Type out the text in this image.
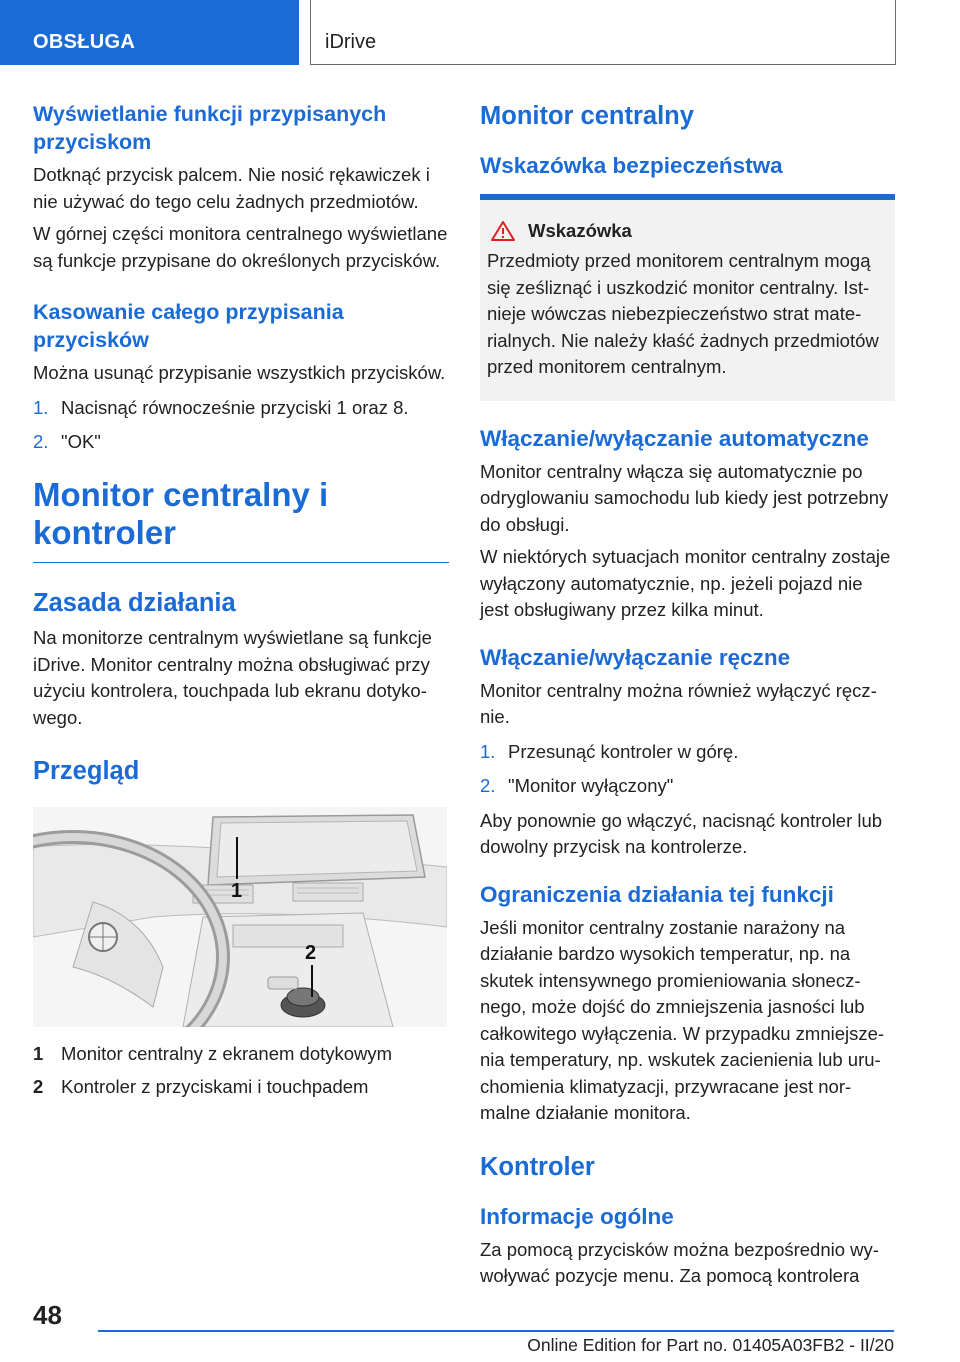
OBSŁUGA	iDrive
Wyświetlanie funkcji przypisanych przyciskom

Dotknąć przycisk palcem. Nie nosić rękawiczek i nie używać do tego celu żadnych przedmiotów.

W górnej części monitora centralnego wyświetlane są funkcje przypisane do określonych przycisków.

Kasowanie całego przypisania przycisków

Można usunąć przypisanie wszystkich przycisków.

1. Nacisnąć równocześnie przyciski 1 oraz 8.
2. "OK"
Monitor centralny i kontroler
Zasada działania

Na monitorze centralnym wyświetlane są funkcje iDrive. Monitor centralny można obsługiwać przy użyciu kontrolera, touchpada lub ekranu dotykowego.

Przegląd
1
2
1 Monitor centralny z ekranem dotykowym
2 Kontroler z przyciskami i touchpadem
Monitor centralny
Wskazówka bezpieczeństwa
Wskazówka

Przedmioty przed monitorem centralnym mogą się ześliznąć i uszkodzić monitor centralny. Istnieje wówczas niebezpieczeństwo strat materialnych. Nie należy kłaść żadnych przedmiotów przed monitorem centralnym.

Włączanie/wyłączanie automatyczne

Monitor centralny włącza się automatycznie po odryglowaniu samochodu lub kiedy jest potrzebny do obsługi.

W niektórych sytuacjach monitor centralny zostaje wyłączony automatycznie, np. jeżeli pojazd nie jest obsługiwany przez kilka minut.

Włączanie/wyłączanie ręczne

Monitor centralny można również wyłączyć ręcznie.

1. Przesunąć kontroler w górę.
2. "Monitor wyłączony"

Aby ponownie go włączyć, nacisnąć kontroler lub dowolny przycisk na kontrolerze.

Ograniczenia działania tej funkcji

Jeśli monitor centralny zostanie narażony na działanie bardzo wysokich temperatur, np. na skutek intensywnego promieniowania słonecznego, może dojść do zmniejszenia jasności lub całkowitego wyłączenia. W przypadku zmniejszenia temperatury, np. wskutek zacienienia lub uruchomienia klimatyzacji, przywracane jest normalne działanie monitora.

Kontroler
Informacje ogólne

Za pomocą przycisków można bezpośrednio wywoływać pozycje menu. Za pomocą kontrolera

48
Online Edition for Part no. 01405A03FB2 - II/20
